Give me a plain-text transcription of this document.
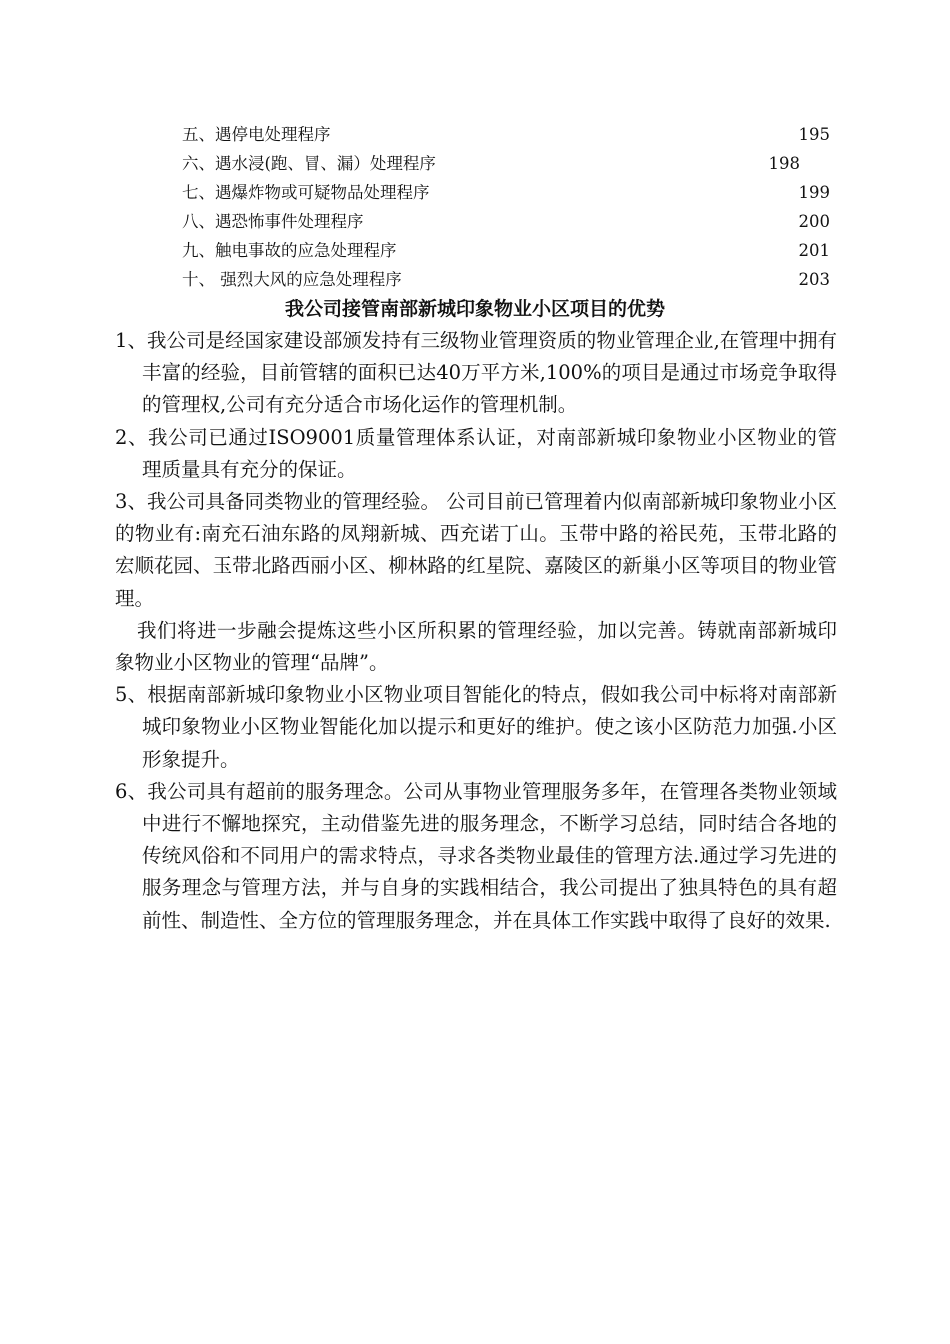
五、遇停电处理程序	195
六、遇水浸(跑、冒、漏）处理程序	198
七、遇爆炸物或可疑物品处理程序	199
八、遇恐怖事件处理程序	200
九、触电事故的应急处理程序	201
十、 强烈大风的应急处理程序	203
我公司接管南部新城印象物业小区项目的优势

1、我公司是经国家建设部颁发持有三级物业管理资质的物业管理企业,在管理中拥有丰富的经验，目前管辖的面积已达40万平方米,100%的项目是通过市场竞争取得的管理权,公司有充分适合市场化运作的管理机制。

2、我公司已通过ISO9001质量管理体系认证，对南部新城印象物业小区物业的管理质量具有充分的保证。

3、我公司具备同类物业的管理经验。 公司目前已管理着内似南部新城印象物业小区的物业有:南充石油东路的凤翔新城、西充诺丁山。玉带中路的裕民苑，玉带北路的宏顺花园、玉带北路西丽小区、柳林路的红星院、嘉陵区的新巢小区等项目的物业管理。

我们将进一步融会提炼这些小区所积累的管理经验，加以完善。铸就南部新城印象物业小区物业的管理“品牌”。

5、根据南部新城印象物业小区物业项目智能化的特点，假如我公司中标将对南部新城印象物业小区物业智能化加以提示和更好的维护。使之该小区防范力加强.小区形象提升。

6、我公司具有超前的服务理念。公司从事物业管理服务多年，在管理各类物业领域中进行不懈地探究，主动借鉴先进的服务理念，不断学习总结，同时结合各地的传统风俗和不同用户的需求特点，寻求各类物业最佳的管理方法.通过学习先进的服务理念与管理方法，并与自身的实践相结合，我公司提出了独具特色的具有超前性、制造性、全方位的管理服务理念，并在具体工作实践中取得了良好的效果.
